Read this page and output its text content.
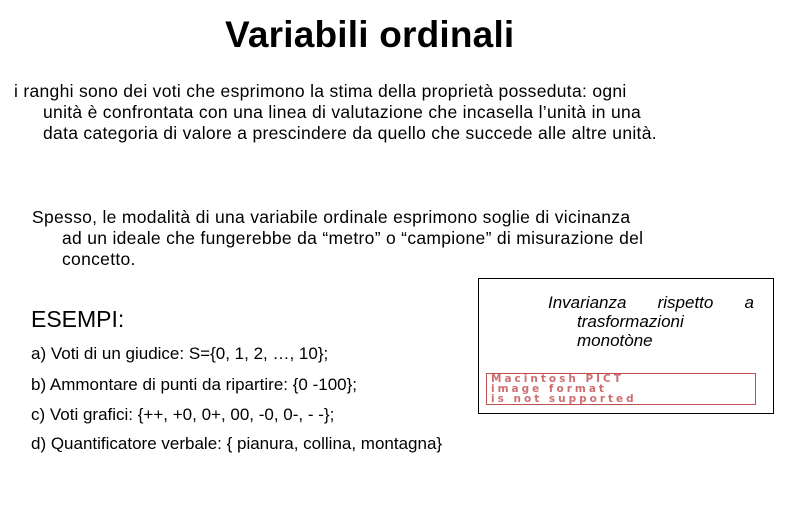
Variabili ordinali
i ranghi sono dei voti che esprimono la stima della proprietà posseduta: ogni
unità è confrontata con una linea di valutazione che incasella l’unità in una
data categoria di valore a prescindere da quello che succede alle altre unità.
Spesso, le modalità di una variabile ordinale esprimono soglie di vicinanza
ad un ideale che fungerebbe da “metro” o “campione” di misurazione del
concetto.
Invarianza rispetto a
trasformazioni
monotòne
Macintosh PICT
image format
is not supported
ESEMPI:
a) Voti di un giudice: S={0, 1, 2, …, 10};
b) Ammontare di punti da ripartire: {0 -100};
c) Voti grafici: {++, +0, 0+, 00, -0, 0-, - -};
d) Quantificatore verbale: { pianura, collina, montagna}
